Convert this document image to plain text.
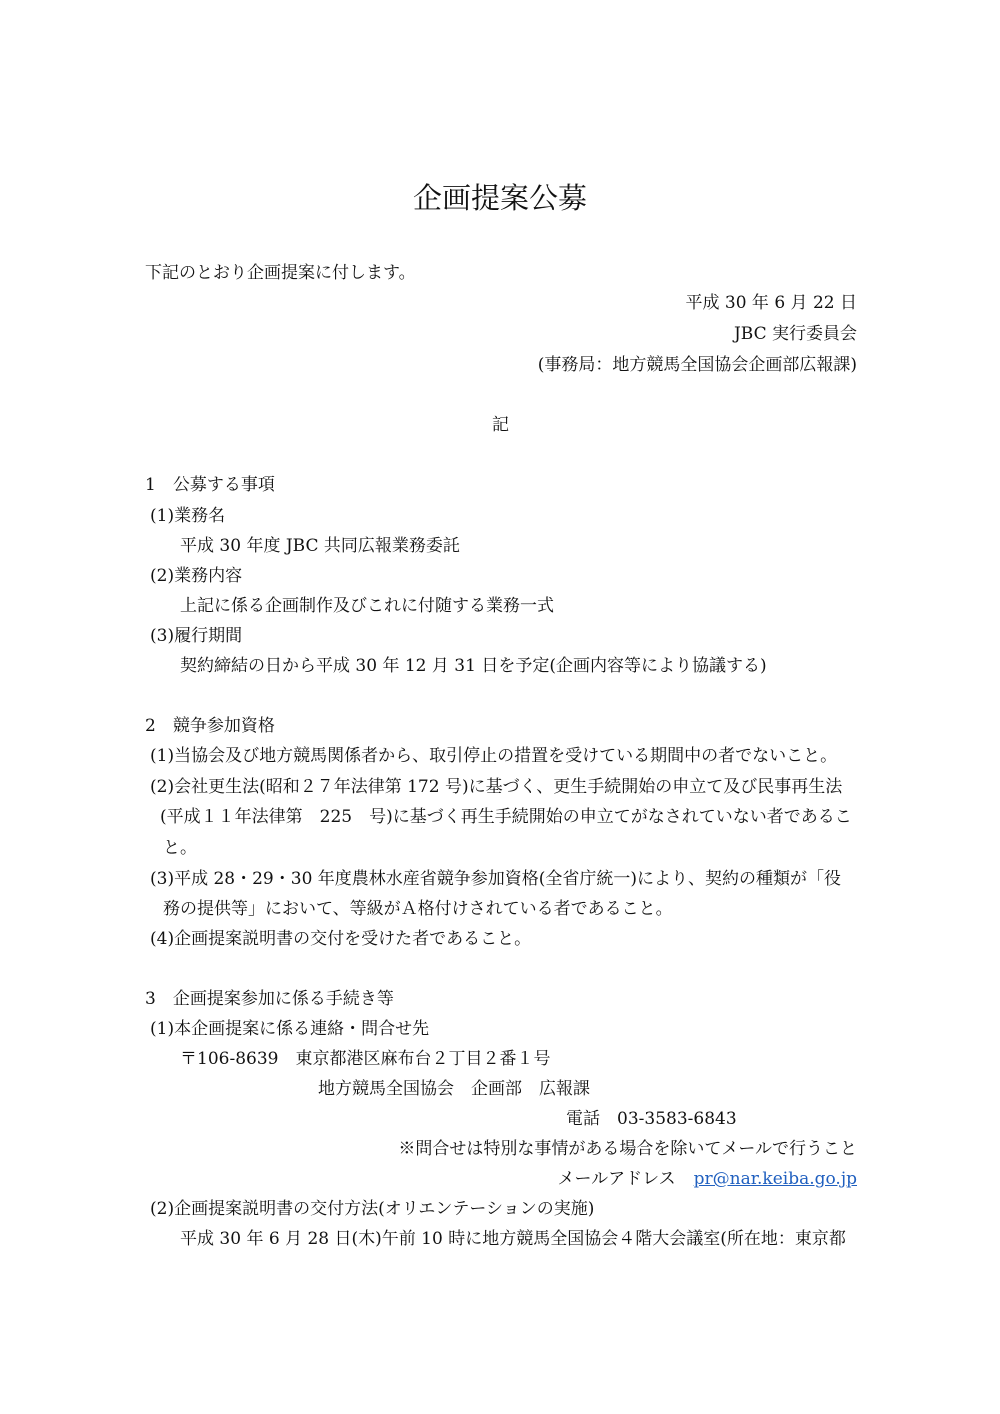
企画提案公募
下記のとおり企画提案に付します。
平成 30 年 6 月 22 日
JBC 実行委員会
(事務局：地方競馬全国協会企画部広報課)
記
1　公募する事項
(1)業務名
平成 30 年度 JBC 共同広報業務委託
(2)業務内容
上記に係る企画制作及びこれに付随する業務一式
(3)履行期間
契約締結の日から平成 30 年 12 月 31 日を予定(企画内容等により協議する)
2　競争参加資格
(1)当協会及び地方競馬関係者から、取引停止の措置を受けている期間中の者でないこと。
(2)会社更生法(昭和２７年法律第 172 号)に基づく、更生手続開始の申立て及び民事再生法
(平成１１年法律第　225　号)に基づく再生手続開始の申立てがなされていない者であるこ
と。
(3)平成 28・29・30 年度農林水産省競争参加資格(全省庁統一)により、契約の種類が「役
務の提供等」において、等級がＡ格付けされている者であること。
(4)企画提案説明書の交付を受けた者であること。
3　企画提案参加に係る手続き等
(1)本企画提案に係る連絡・問合せ先
〒106-8639　東京都港区麻布台２丁目２番１号
地方競馬全国協会　企画部　広報課
電話　03-3583-6843
※問合せは特別な事情がある場合を除いてメールで行うこと
メールアドレス pr@nar.keiba.go.jp
(2)企画提案説明書の交付方法(オリエンテーションの実施)
平成 30 年 6 月 28 日(木)午前 10 時に地方競馬全国協会４階大会議室(所在地：東京都
